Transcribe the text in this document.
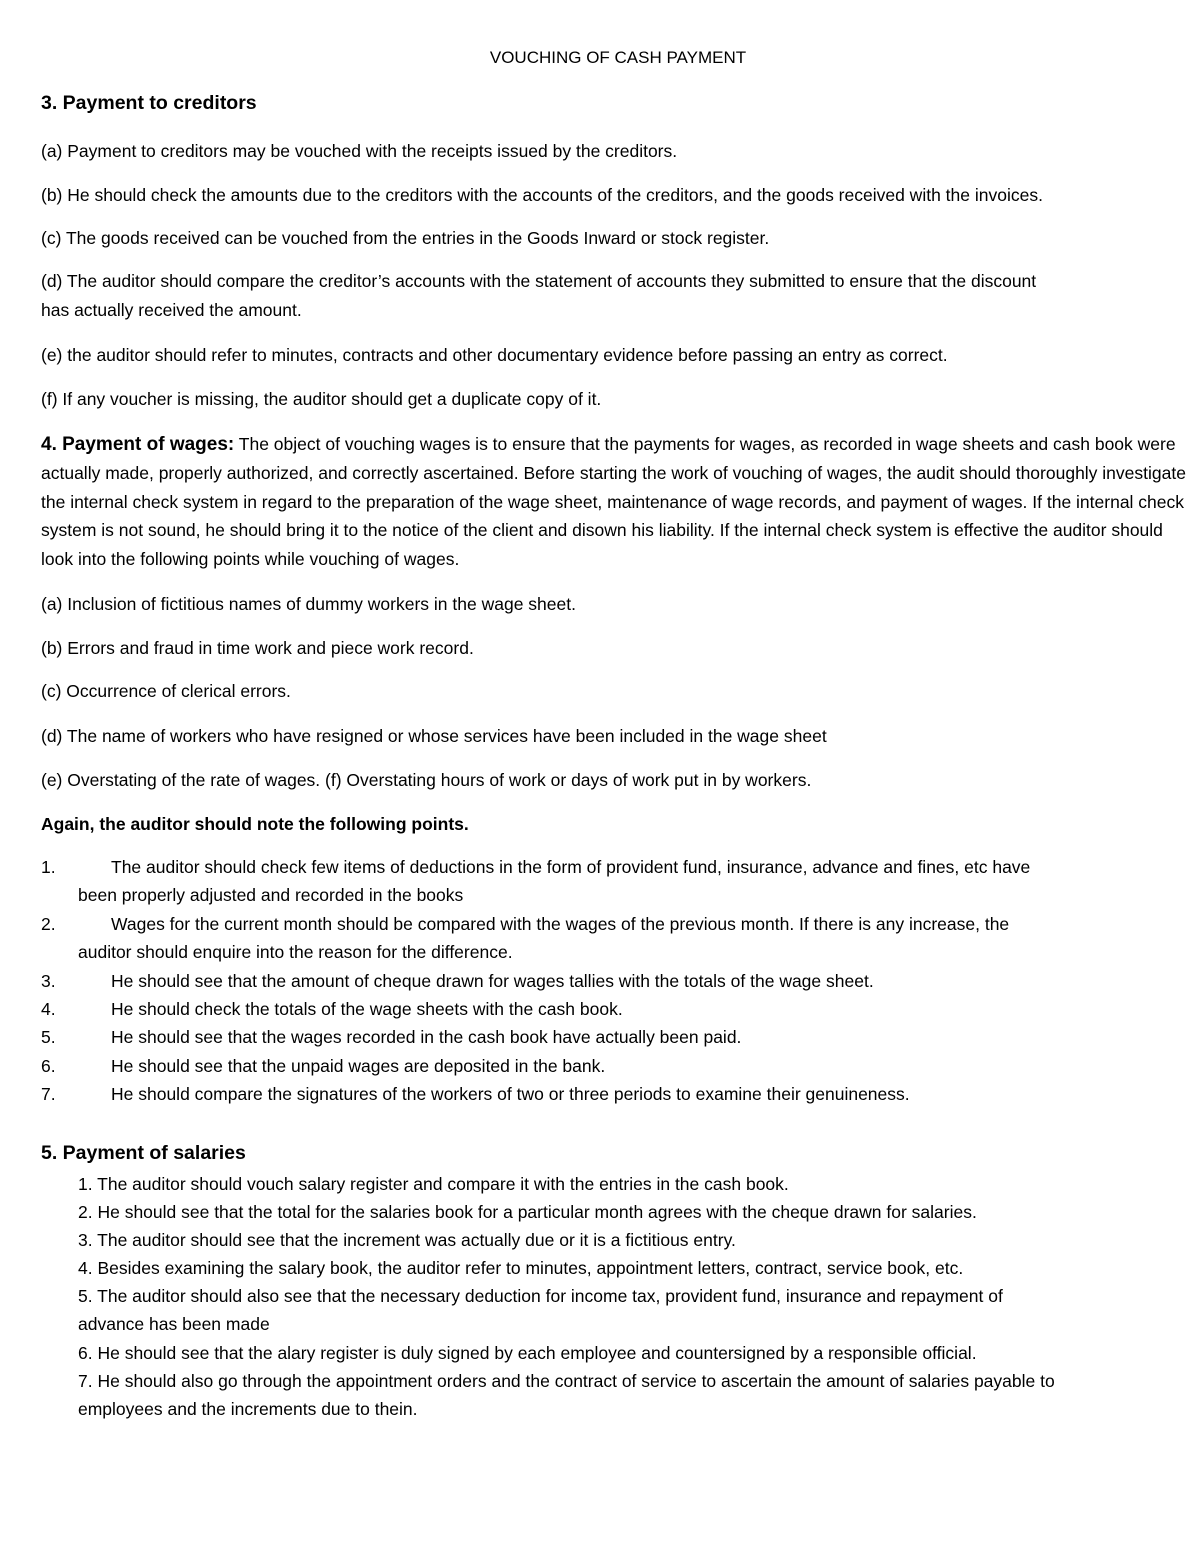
VOUCHING OF CASH PAYMENT
3. Payment to creditors
(a) Payment to creditors may be vouched with the receipts issued by the creditors.
(b) He should check the amounts due to the creditors with the accounts of the creditors, and the goods received with the invoices.
(c) The goods received can be vouched from the entries in the Goods Inward or stock register.
(d) The auditor should compare the creditor’s accounts with the statement of accounts they submitted to ensure that the discount
has actually received the amount.
(e) the auditor should refer to minutes, contracts and other documentary evidence before passing an entry as correct.
(f) If any voucher is missing, the auditor should get a duplicate copy of it.
4. Payment of wages: The object of vouching wages is to ensure that the payments for wages, as recorded in wage sheets and cash book were actually made, properly authorized, and correctly ascertained. Before starting the work of vouching of wages, the audit should thoroughly investigate the internal check system in regard to the preparation of the wage sheet, maintenance of wage records, and payment of wages. If the internal check system is not sound, he should bring it to the notice of the client and disown his liability. If the internal check system is effective the auditor should look into the following points while vouching of wages.
(a) Inclusion of fictitious names of dummy workers in the wage sheet.
(b) Errors and fraud in time work and piece work record.
(c) Occurrence of clerical errors.
(d) The name of workers who have resigned or whose services have been included in the wage sheet
(e) Overstating of the rate of wages. (f) Overstating hours of work or days of work put in by workers.
Again, the auditor should note the following points.
1.	The auditor should check few items of deductions in the form of provident fund, insurance, advance and fines, etc have
been properly adjusted and recorded in the books
2.	Wages for the current month should be compared with the wages of the previous month. If there is any increase, the
auditor should enquire into the reason for the difference.
3.	He should see that the amount of cheque drawn for wages tallies with the totals of the wage sheet.
4.	He should check the totals of the wage sheets with the cash book.
5.	He should see that the wages recorded in the cash book have actually been paid.
6.	He should see that the unpaid wages are deposited in the bank.
7.	He should compare the signatures of the workers of two or three periods to examine their genuineness.
5. Payment of salaries
1. The auditor should vouch salary register and compare it with the entries in the cash book.
2. He should see that the total for the salaries book for a particular month agrees with the cheque drawn for salaries.
3. The auditor should see that the increment was actually due or it is a fictitious entry.
4. Besides examining the salary book, the auditor refer to minutes, appointment letters, contract, service book, etc.
5. The auditor should also see that the necessary deduction for income tax, provident fund, insurance and repayment of
advance has been made
6. He should see that the alary register is duly signed by each employee and countersigned by a responsible official.
7. He should also go through the appointment orders and the contract of service to ascertain the amount of salaries payable to
employees and the increments due to thein.
